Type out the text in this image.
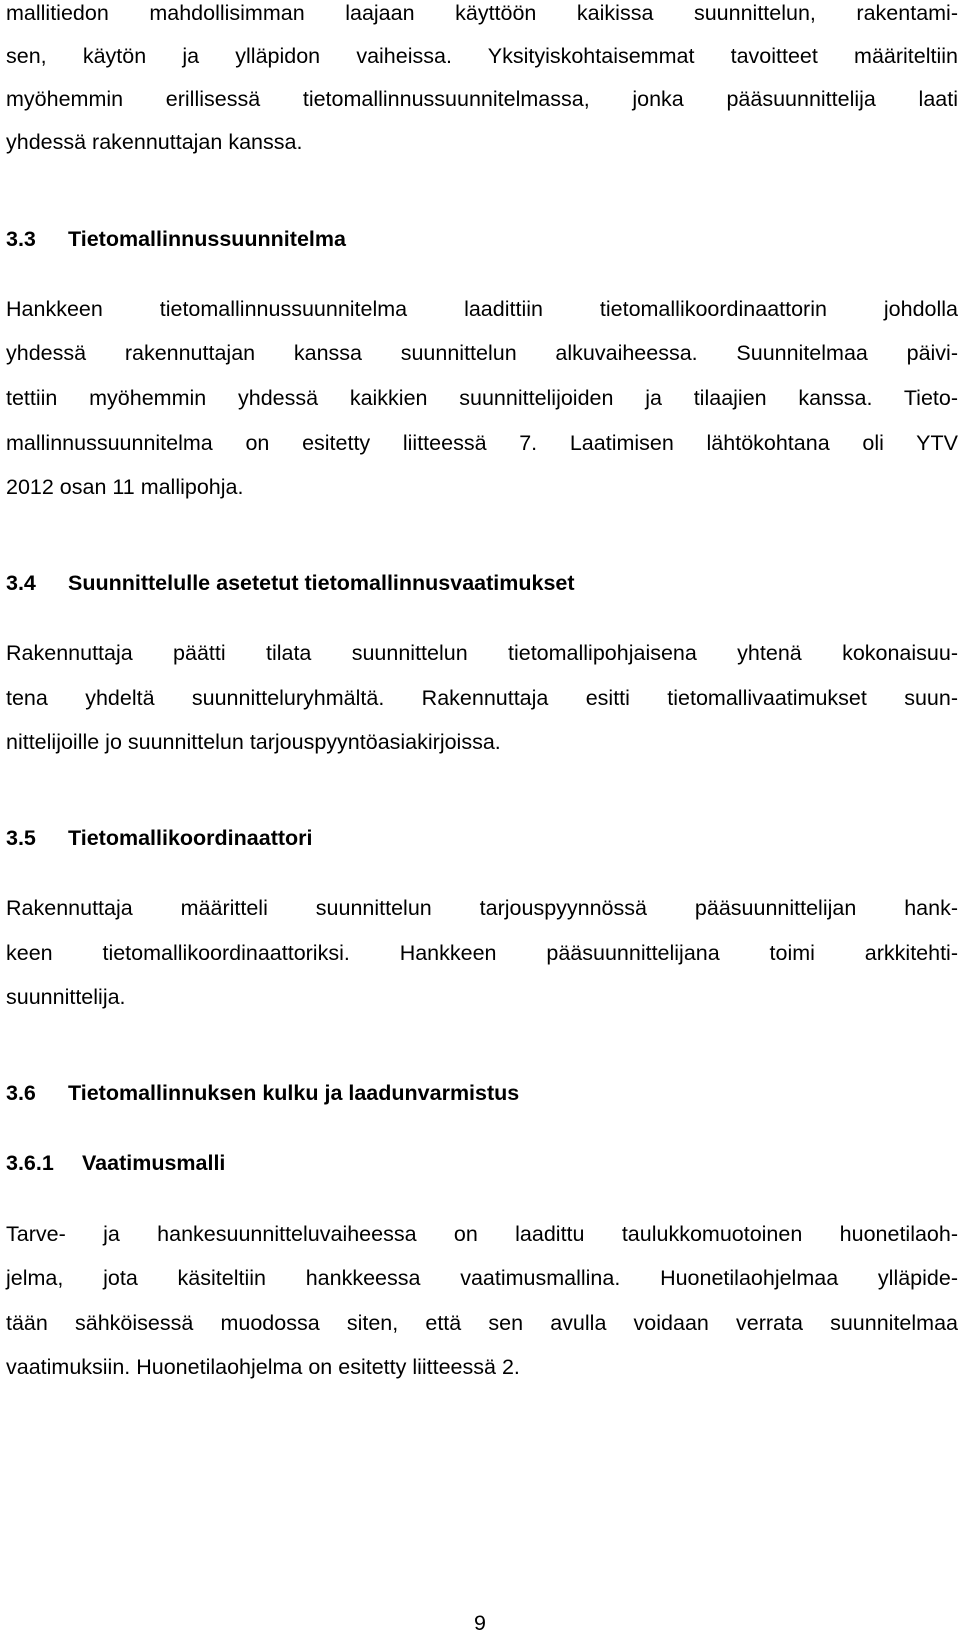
mallitiedon mahdollisimman laajaan käyttöön kaikissa suunnittelun, rakentami-
sen, käytön ja ylläpidon vaiheissa. Yksityiskohtaisemmat tavoitteet määriteltiin
myöhemmin erillisessä tietomallinnussuunnitelmassa, jonka pääsuunnittelija laati
yhdessä rakennuttajan kanssa.
3.3 Tietomallinnussuunnitelma
Hankkeen tietomallinnussuunnitelma laadittiin tietomallikoordinaattorin johdolla
yhdessä rakennuttajan kanssa suunnittelun alkuvaiheessa. Suunnitelmaa päivi-
tettiin myöhemmin yhdessä kaikkien suunnittelijoiden ja tilaajien kanssa. Tieto-
mallinnussuunnitelma on esitetty liitteessä 7. Laatimisen lähtökohtana oli YTV
2012 osan 11 mallipohja.
3.4 Suunnittelulle asetetut tietomallinnusvaatimukset
Rakennuttaja päätti tilata suunnittelun tietomallipohjaisena yhtenä kokonaisuu-
tena yhdeltä suunnitteluryhmältä. Rakennuttaja esitti tietomallivaatimukset suun-
nittelijoille jo suunnittelun tarjouspyyntöasiakirjoissa.
3.5 Tietomallikoordinaattori
Rakennuttaja määritteli suunnittelun tarjouspyynnössä pääsuunnittelijan hank-
keen tietomallikoordinaattoriksi. Hankkeen pääsuunnittelijana toimi arkkitehti-
suunnittelija.
3.6 Tietomallinnuksen kulku ja laadunvarmistus
3.6.1 Vaatimusmalli
Tarve- ja hankesuunnitteluvaiheessa on laadittu taulukkomuotoinen huonetilaoh-
jelma, jota käsiteltiin hankkeessa vaatimusmallina. Huonetilaohjelmaa ylläpide-
tään sähköisessä muodossa siten, että sen avulla voidaan verrata suunnitelmaa
vaatimuksiin. Huonetilaohjelma on esitetty liitteessä 2.
9
